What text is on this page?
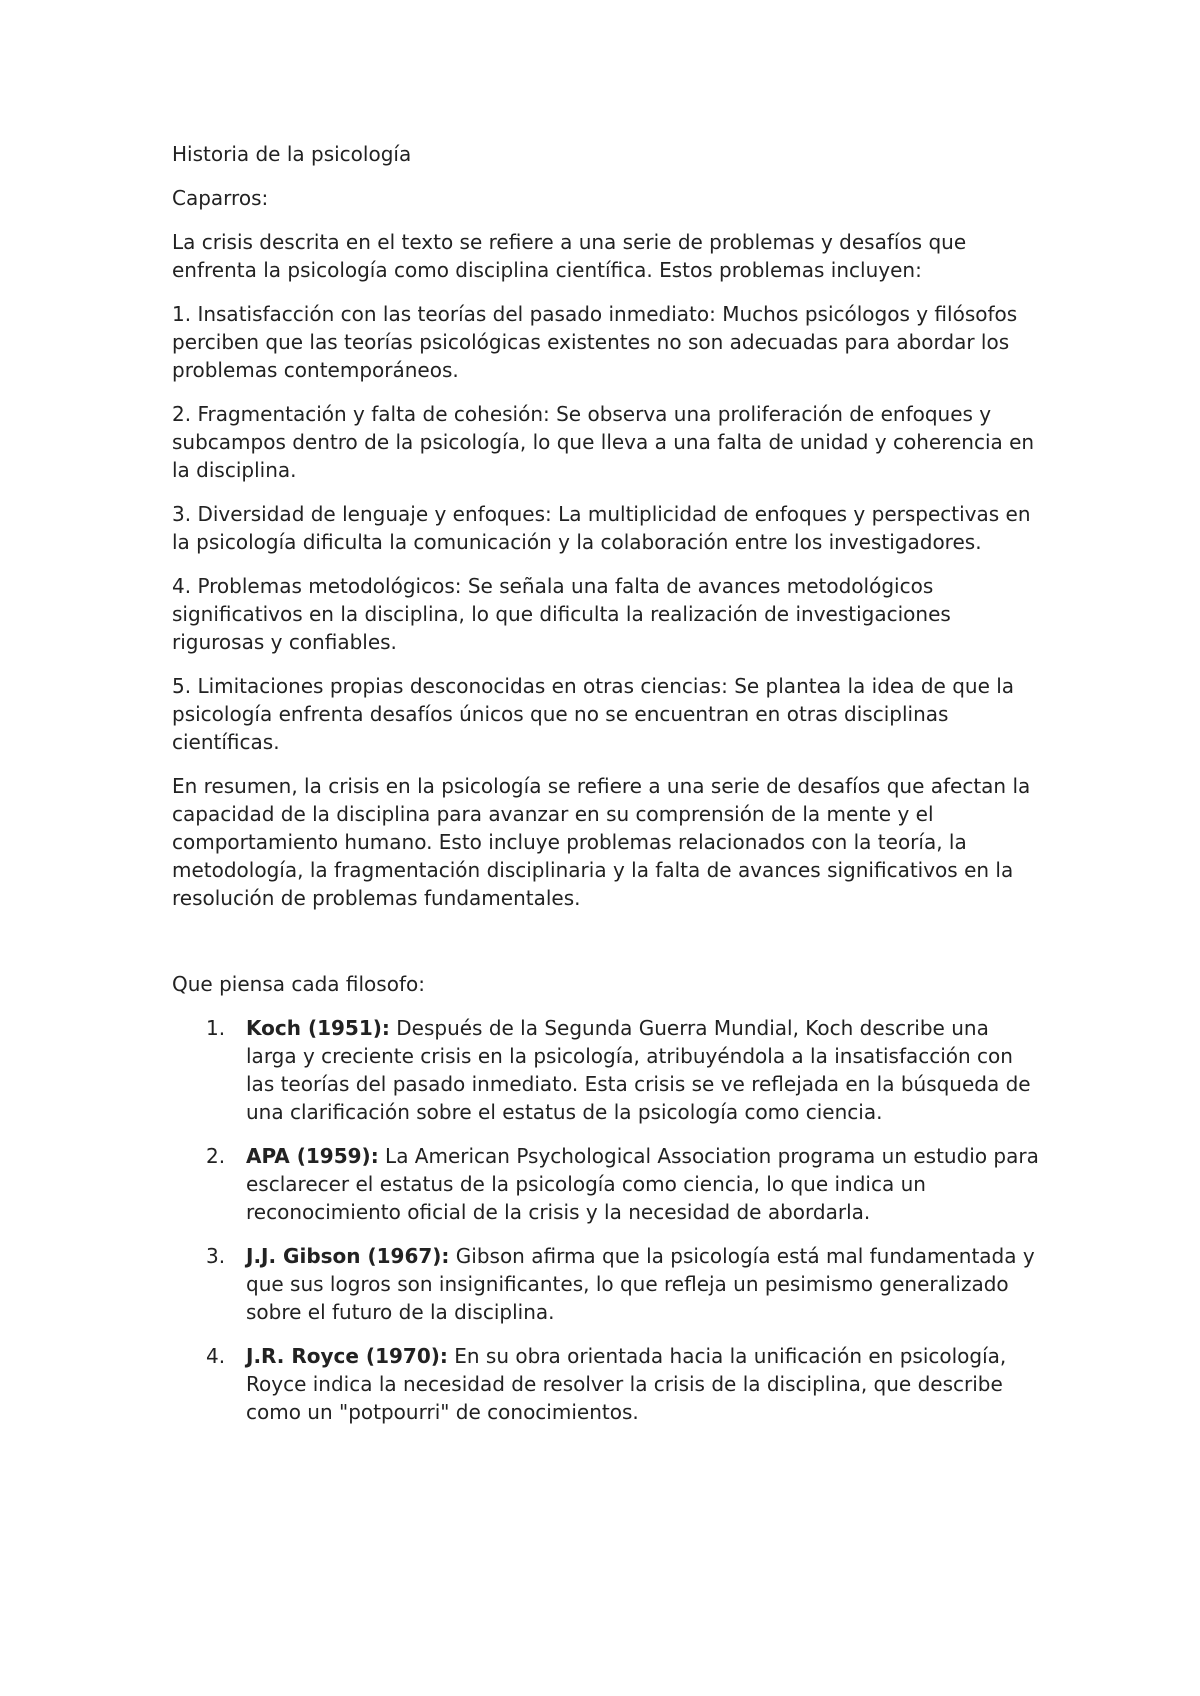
Historia de la psicología

Caparros:

La crisis descrita en el texto se refiere a una serie de problemas y desafíos que enfrenta la psicología como disciplina científica. Estos problemas incluyen:

1. Insatisfacción con las teorías del pasado inmediato: Muchos psicólogos y filósofos perciben que las teorías psicológicas existentes no son adecuadas para abordar los problemas contemporáneos.

2. Fragmentación y falta de cohesión: Se observa una proliferación de enfoques y subcampos dentro de la psicología, lo que lleva a una falta de unidad y coherencia en la disciplina.

3. Diversidad de lenguaje y enfoques: La multiplicidad de enfoques y perspectivas en la psicología dificulta la comunicación y la colaboración entre los investigadores.

4. Problemas metodológicos: Se señala una falta de avances metodológicos significativos en la disciplina, lo que dificulta la realización de investigaciones rigurosas y confiables.

5. Limitaciones propias desconocidas en otras ciencias: Se plantea la idea de que la psicología enfrenta desafíos únicos que no se encuentran en otras disciplinas científicas.

En resumen, la crisis en la psicología se refiere a una serie de desafíos que afectan la capacidad de la disciplina para avanzar en su comprensión de la mente y el comportamiento humano. Esto incluye problemas relacionados con la teoría, la metodología, la fragmentación disciplinaria y la falta de avances significativos en la resolución de problemas fundamentales.

Que piensa cada filosofo:

1. Koch (1951): Después de la Segunda Guerra Mundial, Koch describe una larga y creciente crisis en la psicología, atribuyéndola a la insatisfacción con las teorías del pasado inmediato. Esta crisis se ve reflejada en la búsqueda de una clarificación sobre el estatus de la psicología como ciencia.
2. APA (1959): La American Psychological Association programa un estudio para esclarecer el estatus de la psicología como ciencia, lo que indica un reconocimiento oficial de la crisis y la necesidad de abordarla.
3. J.J. Gibson (1967): Gibson afirma que la psicología está mal fundamentada y que sus logros son insignificantes, lo que refleja un pesimismo generalizado sobre el futuro de la disciplina.
4. J.R. Royce (1970): En su obra orientada hacia la unificación en psicología, Royce indica la necesidad de resolver la crisis de la disciplina, que describe como un "potpourri" de conocimientos.
